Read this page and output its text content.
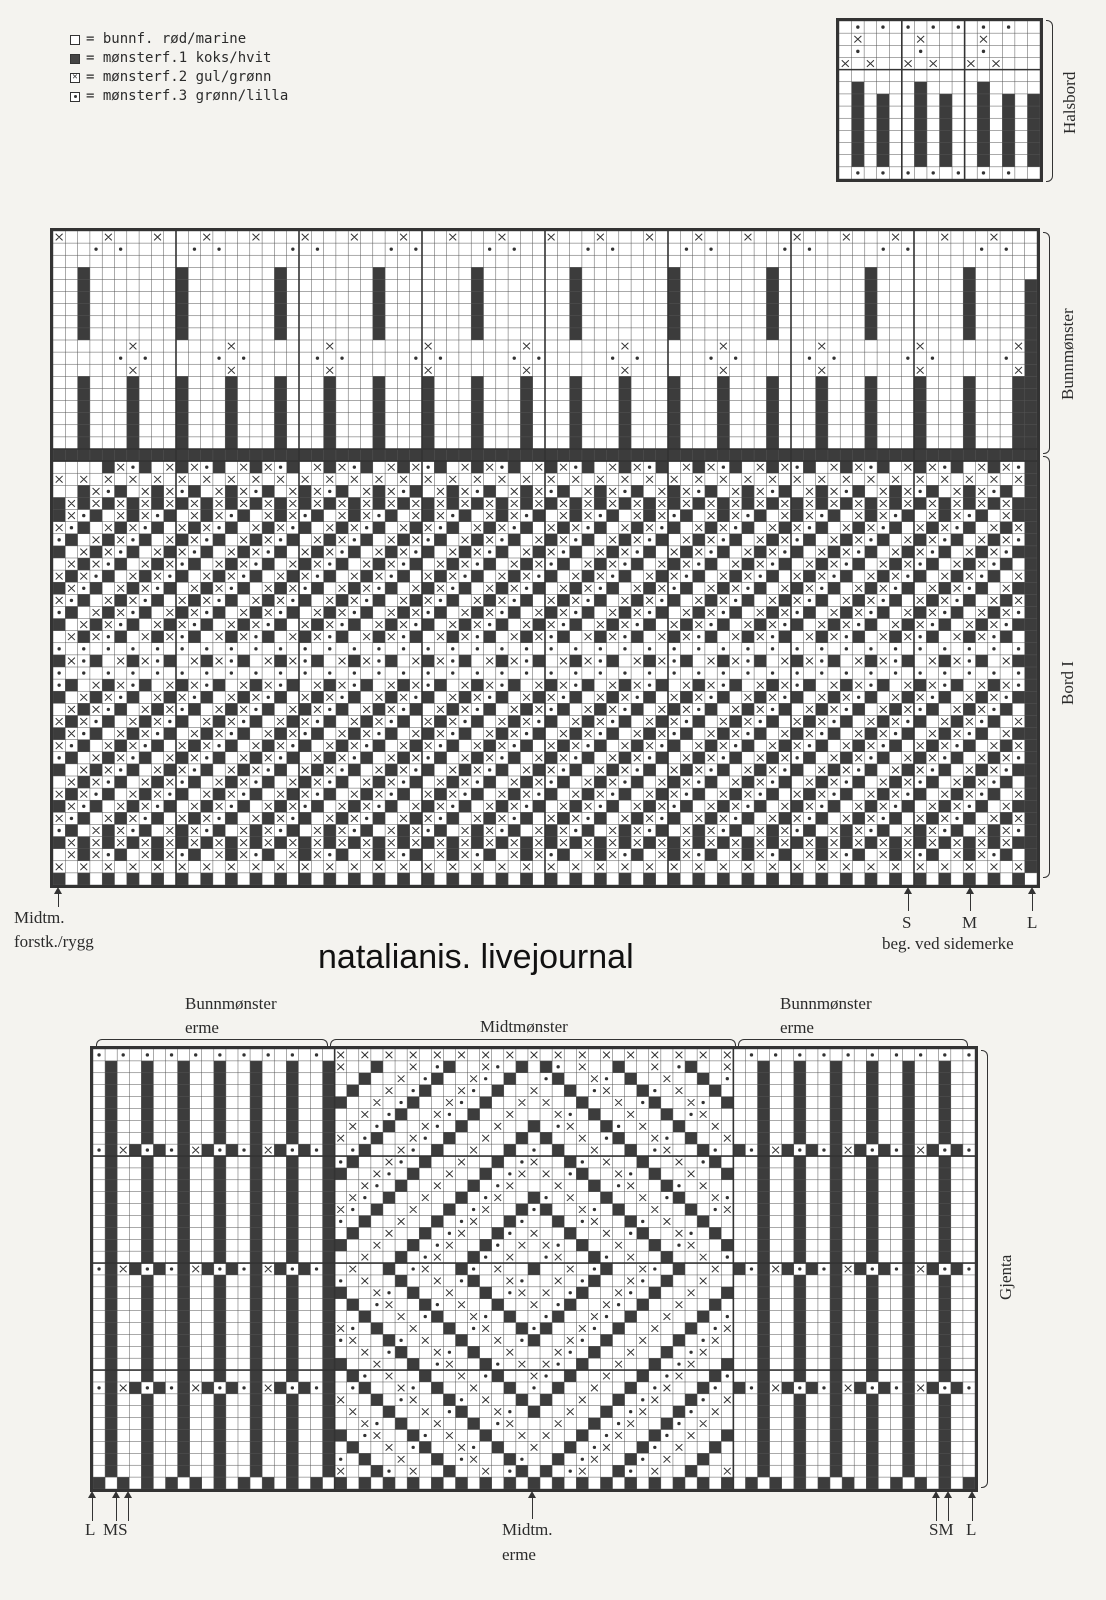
= bunnf. rød/marine
= mønsterf.1 koks/hvit
✕ = mønsterf.2 gul/grønn
= mønsterf.3 grønn/lilla	Halsbord
Bunnmønster
Bord I
Midtm.
forstk./rygg
S	M	L
beg. ved sidemerke
natalianis. livejournal
Bunnmønster
erme	Midtmønster
Bunnmønster
erme
Gjenta
L MS	Midtm.
erme
SM L
